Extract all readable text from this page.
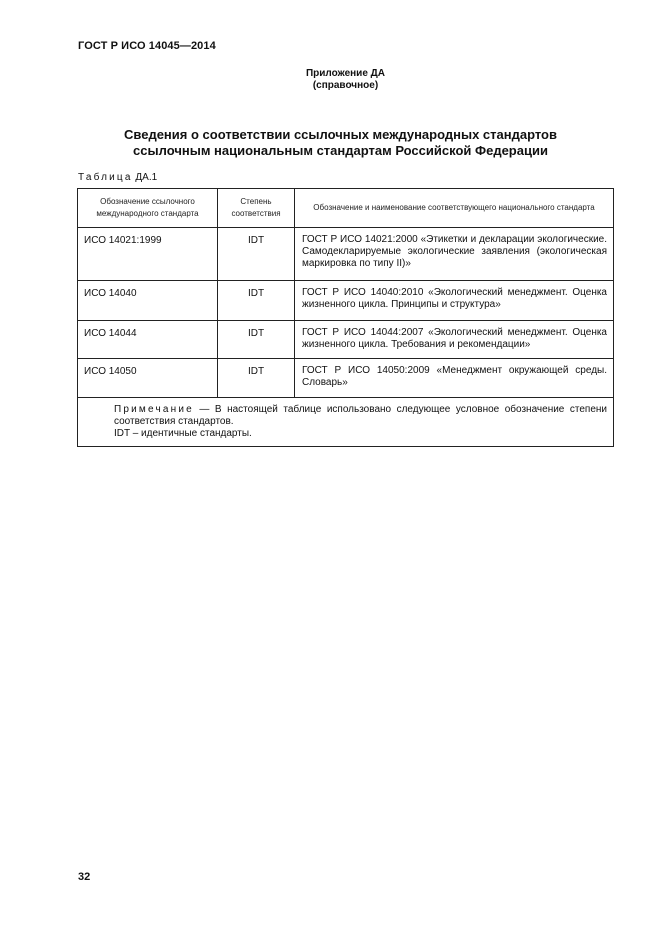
ГОСТ Р ИСО 14045—2014
Приложение ДА
(справочное)
Сведения о соответствии ссылочных международных стандартов
ссылочным национальным стандартам Российской Федерации
Таблица ДА.1
Обозначение ссылочного международного стандарта	Степень соответствия	Обозначение и наименование соответствующего национального стандарта
ИСО 14021:1999	IDT	ГОСТ Р ИСО 14021:2000 «Этикетки и декларации экологические. Самодекларируемые экологические заявления (экологическая маркировка по типу II)»
ИСО 14040	IDT	ГОСТ Р ИСО 14040:2010 «Экологический менеджмент. Оценка жизненного цикла. Принципы и структура»
ИСО 14044	IDT	ГОСТ Р ИСО 14044:2007 «Экологический менеджмент. Оценка жизненного цикла. Требования и рекомендации»
ИСО 14050	IDT	ГОСТ Р ИСО 14050:2009 «Менеджмент окружающей среды. Словарь»

Примечание — В настоящей таблице использовано следующее условное обозначение степени соответствия стандартов.

IDT – идентичные стандарты.		

32
